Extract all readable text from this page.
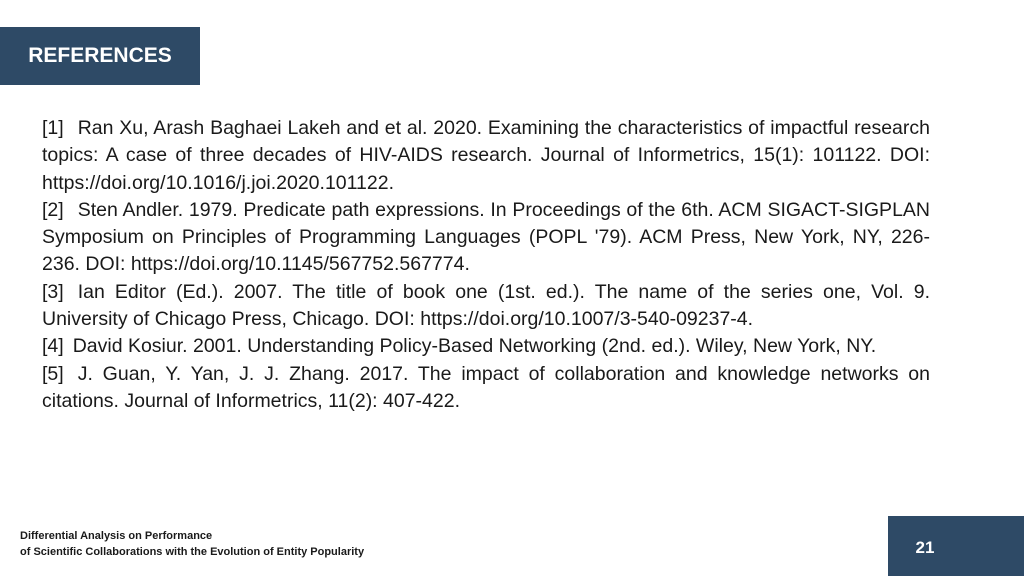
REFERENCES

[1] Ran Xu, Arash Baghaei Lakeh and et al. 2020. Examining the characteristics of impactful research topics: A case of three decades of HIV-AIDS research. Journal of Informetrics, 15(1): 101122. DOI: https://doi.org/10.1016/j.joi.2020.101122.

[2] Sten Andler. 1979. Predicate path expressions. In Proceedings of the 6th. ACM SIGACT-SIGPLAN Symposium on Principles of Programming Languages (POPL '79). ACM Press, New York, NY, 226-236. DOI: https://doi.org/10.1145/567752.567774.

[3] Ian Editor (Ed.). 2007. The title of book one (1st. ed.). The name of the series one, Vol. 9. University of Chicago Press, Chicago. DOI: https://doi.org/10.1007/3-540-09237-4.

[4] David Kosiur. 2001. Understanding Policy-Based Networking (2nd. ed.). Wiley, New York, NY.

[5] J. Guan, Y. Yan, J. J. Zhang. 2017. The impact of collaboration and knowledge networks on citations. Journal of Informetrics, 11(2): 407-422.

Differential Analysis on Performance
of Scientific Collaborations with the Evolution of Entity Popularity	21
